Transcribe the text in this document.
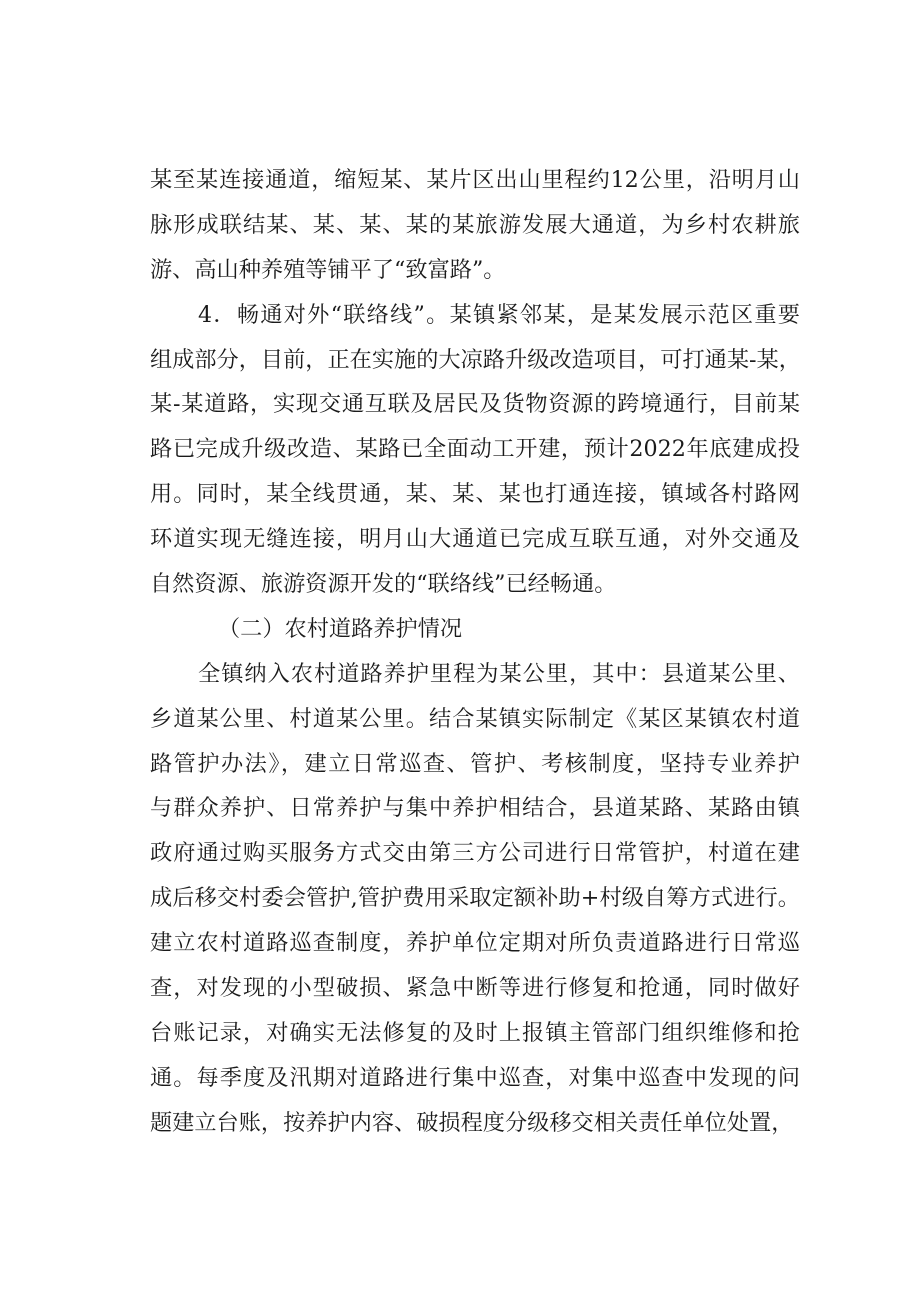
某至某连接通道，缩短某、某片区出山里程约12公里，沿明月山
脉形成联结某、某、某、某的某旅游发展大通道，为乡村农耕旅
游、高山种养殖等铺平了“致富路”。
4．畅通对外“联络线”。某镇紧邻某，是某发展示范区重要
组成部分，目前，正在实施的大凉路升级改造项目，可打通某-某，
某-某道路，实现交通互联及居民及货物资源的跨境通行，目前某
路已完成升级改造、某路已全面动工开建，预计2022年底建成投
用。同时，某全线贯通，某、某、某也打通连接，镇域各村路网
环道实现无缝连接，明月山大通道已完成互联互通，对外交通及
自然资源、旅游资源开发的“联络线”已经畅通。
（二）农村道路养护情况
全镇纳入农村道路养护里程为某公里，其中：县道某公里、
乡道某公里、村道某公里。结合某镇实际制定《某区某镇农村道
路管护办法》，建立日常巡查、管护、考核制度，坚持专业养护
与群众养护、日常养护与集中养护相结合，县道某路、某路由镇
政府通过购买服务方式交由第三方公司进行日常管护，村道在建
成后移交村委会管护,管护费用采取定额补助+村级自筹方式进行。
建立农村道路巡查制度，养护单位定期对所负责道路进行日常巡
查，对发现的小型破损、紧急中断等进行修复和抢通，同时做好
台账记录，对确实无法修复的及时上报镇主管部门组织维修和抢
通。每季度及汛期对道路进行集中巡查，对集中巡查中发现的问
题建立台账，按养护内容、破损程度分级移交相关责任单位处置，
